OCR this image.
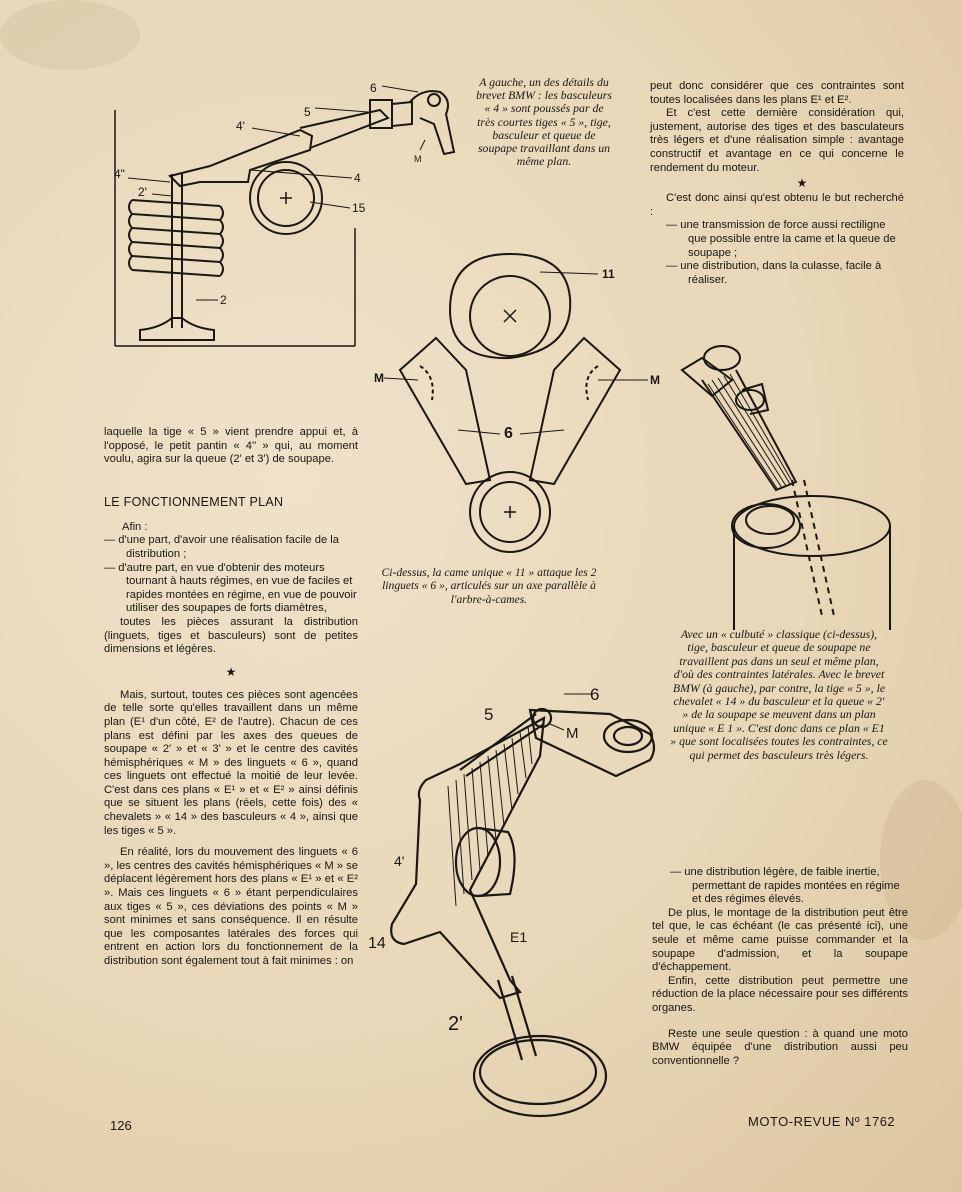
6
5
4'
4"
2'
4
15
2
M
11
M	M
6
6
5
M
4'
14	E1
2'
A gauche, un des détails du brevet BMW : les basculeurs « 4 » sont poussés par de très courtes tiges « 5 », tige, basculeur et queue de soupape travaillant dans un même plan.

peut donc considérer que ces contraintes sont toutes localisées dans les plans E¹ et E².

Et c'est cette dernière considération qui, justement, autorise des tiges et des basculateurs très légers et d'une réalisation simple : avantage constructif et avantage en ce qui concerne le rendement du moteur.

★

C'est donc ainsi qu'est obtenu le but recherché :

— une transmission de force aussi rectiligne que possible entre la came et la queue de soupape ;

— une distribution, dans la culasse, facile à réaliser.

laquelle la tige « 5 » vient prendre appui et, à l'opposé, le petit pantin « 4'' » qui, au moment voulu, agira sur la queue (2' et 3') de soupape.

LE FONCTIONNEMENT PLAN

Afin :

— d'une part, d'avoir une réalisation facile de la distribution ;

— d'autre part, en vue d'obtenir des moteurs tournant à hauts régimes, en vue de faciles et rapides montées en régime, en vue de pouvoir utiliser des soupapes de forts diamètres,

toutes les pièces assurant la distribution (linguets, tiges et basculeurs) sont de petites dimensions et légères.

★

Mais, surtout, toutes ces pièces sont agencées de telle sorte qu'elles travaillent dans un même plan (E¹ d'un côté, E² de l'autre). Chacun de ces plans est défini par les axes des queues de soupape « 2' » et « 3' » et le centre des cavités hémisphériques « M » des linguets « 6 », quand ces linguets ont effectué la moitié de leur levée. C'est dans ces plans « E¹ » et « E² » ainsi définis que se situent les plans (réels, cette fois) des « chevalets » « 14 » des basculeurs « 4 », ainsi que les tiges « 5 ».

En réalité, lors du mouvement des linguets « 6 », les centres des cavités hémisphériques « M » se déplacent légèrement hors des plans « E¹ » et « E² ». Mais ces linguets « 6 » étant perpendiculaires aux tiges « 5 », ces déviations des points « M » sont minimes et sans conséquence. Il en résulte que les composantes latérales des forces qui entrent en action lors du fonctionnement de la distribution sont également tout à fait minimes : on

Ci-dessus, la came unique « 11 » attaque les 2 linguets « 6 », articulés sur un axe parallèle à l'arbre-à-cames.
Avec un « culbuté » classique (ci-dessus), tige, basculeur et queue de soupape ne travaillent pas dans un seul et même plan, d'où des contraintes latérales. Avec le brevet BMW (à gauche), par contre, la tige « 5 », le chevalet « 14 » du basculeur et la queue « 2' » de la soupape se meuvent dans un plan unique « E 1 ». C'est donc dans ce plan « E1 » que sont localisées toutes les contraintes, ce qui permet des basculeurs très légers.

— une distribution légère, de faible inertie, permettant de rapides montées en régime et des régimes élevés.

De plus, le montage de la distribution peut être tel que, le cas échéant (le cas présenté ici), une seule et même came puisse commander et la soupape d'admission, et la soupape d'échappement.

Enfin, cette distribution peut permettre une réduction de la place nécessaire pour ses différents organes.

Reste une seule question : à quand une moto BMW équipée d'une distribution aussi peu conventionnelle ?

126	MOTO-REVUE Nº 1762
